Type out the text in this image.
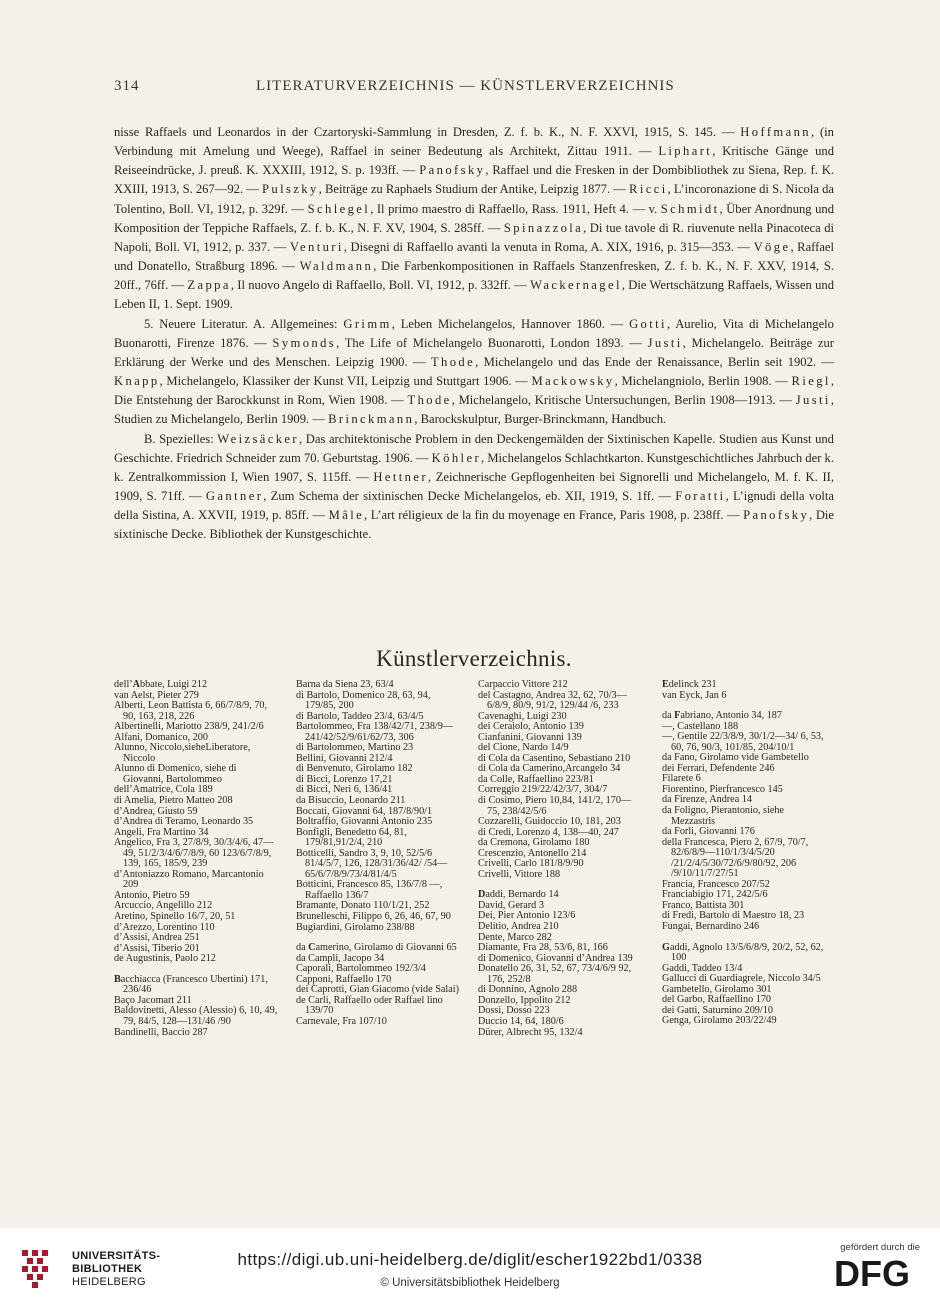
314	LITERATURVERZEICHNIS — KÜNSTLERVERZEICHNIS

nisse Raffaels und Leonardos in der Czartoryski-Sammlung in Dresden, Z. f. b. K., N. F. XXVI, 1915, S. 145. — Hoffmann, (in Verbindung mit Amelung und Weege), Raffael in seiner Bedeutung als Architekt, Zittau 1911. — Liphart, Kritische Gänge und Reiseeindrücke, J. preuß. K. XXXIII, 1912, S. p. 193ff. — Panofsky, Raffael und die Fresken in der Dombibliothek zu Siena, Rep. f. K. XXIII, 1913, S. 267—92. — Pulszky, Beiträge zu Raphaels Studium der Antike, Leipzig 1877. — Ricci, L’incoronazione di S. Nicola da Tolentino, Boll. VI, 1912, p. 329f. — Schlegel, Il primo maestro di Raffaello, Rass. 1911, Heft 4. — v. Schmidt, Über Anordnung und Komposition der Teppiche Raffaels, Z. f. b. K., N. F. XV, 1904, S. 285ff. — Spinazzola, Di tue tavole di R. riuvenute nella Pinacoteca di Napoli, Boll. VI, 1912, p. 337. — Venturi, Disegni di Raffaello avanti la venuta in Roma, A. XIX, 1916, p. 315—353. — Vöge, Raffael und Donatello, Straßburg 1896. — Waldmann, Die Farbenkompositionen in Raffaels Stanzenfresken, Z. f. b. K., N. F. XXV, 1914, S. 20ff., 76ff. — Zappa, Il nuovo Angelo di Raffaello, Boll. VI, 1912, p. 332ff. — Wackernagel, Die Wertschätzung Raffaels, Wissen und Leben II, 1. Sept. 1909.

5. Neuere Literatur. A. Allgemeines: Grimm, Leben Michelangelos, Hannover 1860. — Gotti, Aurelio, Vita di Michelangelo Buonarotti, Firenze 1876. — Symonds, The Life of Michelangelo Buonarotti, London 1893. — Justi, Michelangelo. Beiträge zur Erklärung der Werke und des Menschen. Leipzig 1900. — Thode, Michelangelo und das Ende der Renaissance, Berlin seit 1902. — Knapp, Michelangelo, Klassiker der Kunst VII, Leipzig und Stuttgart 1906. — Mackowsky, Michelangniolo, Berlin 1908. — Riegl, Die Entstehung der Barockkunst in Rom, Wien 1908. — Thode, Michelangelo, Kritische Untersuchungen, Berlin 1908—1913. — Justi, Studien zu Michelangelo, Berlin 1909. — Brinckmann, Barockskulptur, Burger-Brinckmann, Handbuch.

B. Spezielles: Weizsäcker, Das architektonische Problem in den Deckengemälden der Sixtinischen Kapelle. Studien aus Kunst und Geschichte. Friedrich Schneider zum 70. Geburtstag. 1906. — Köhler, Michelangelos Schlachtkarton. Kunstgeschichtliches Jahrbuch der k. k. Zentralkommission I, Wien 1907, S. 115ff. — Hettner, Zeichnerische Gepflogenheiten bei Signorelli und Michelangelo, M. f. K. II, 1909, S. 71ff. — Gantner, Zum Schema der sixtinischen Decke Michelangelos, eb. XII, 1919, S. 1ff. — Foratti, L’ignudi della volta della Sistina, A. XXVII, 1919, p. 85ff. — Mâle, L’art réligieux de la fin du moyenage en France, Paris 1908, p. 238ff. — Panofsky, Die sixtinische Decke. Bibliothek der Kunstgeschichte.

Künstlerverzeichnis.
dell’Abbate, Luigi 212
van Aelst, Pieter 279
Alberti, Leon Battista 6, 66/7/8/9, 70, 90, 163, 218, 226
Albertinelli, Mariotto 238/9, 241/2/6
Alfani, Domanico, 200
Alunno, Niccolo,sieheLiberatore, Niccolo
Alunno di Domenico, siehe di Giovanni, Bartolommeo
dell’Amatrice, Cola 189
di Amelia, Pietro Matteo 208
d’Andrea, Giusto 59
d’Andrea di Teramo, Leonardo 35
Angeli, Fra Martino 34
Angelico, Fra 3, 27/8/9, 30/3/4/6, 47—49, 51/2/3/4/6/7/8/9, 60 123/6/7/8/9, 139, 165, 185/9, 239
d’Antoniazzo Romano, Marcantonio 209
Antonio, Pietro 59
Arcuccio, Angelillo 212
Aretino, Spinello 16/7, 20, 51
d’Arezzo, Lorentino 110
d’Assisi, Andrea 251
d’Assisi, Tiberio 201
de Augustinis, Paolo 212
Bacchiacca (Francesco Ubertini) 171, 236/46
Baço Jacomart 211
Baldovinetti, Alesso (Alessio) 6, 10, 49, 79, 84/5, 128—131/46 /90
Bandinelli, Baccio 287
Barna da Siena 23, 63/4
di Bartolo, Domenico 28, 63, 94, 179/85, 200
di Bartolo, Taddeo 23/4, 63/4/5
Bartolommeo, Fra 138/42/71, 238/9—241/42/52/9/61/62/73, 306
di Bartolommeo, Martino 23
Bellini, Giovanni 212/4
di Benvenuto, Girolamo 182
di Bicci, Lorenzo 17,21
di Bicci, Neri 6, 136/41
da Bisuccio, Leonardo 211
Boccati, Giovanni 64, 187/8/90/1
Boltraffio, Giovanni Antonio 235
Bonfigli, Benedetto 64, 81, 179/81,91/2/4, 210
Botticelli, Sandro 3, 9, 10, 52/5/6 81/4/5/7, 126, 128/31/36/42/ /54—65/6/7/8/9/73/4/81/4/5
Botticini, Francesco 85, 136/7/8 —, Raffaello 136/7
Bramante, Donato 110/1/21, 252
Brunelleschi, Filippo 6, 26, 46, 67, 90
Bugiardini, Girolamo 238/88
da Camerino, Girolamo di Giovanni 65
da Campli, Jacopo 34
Caporali, Bartolommeo 192/3/4
Capponi, Raffaello 170
dei Caprotti, Gian Giacomo (vide Salai)
de Carli, Raffaello oder Raffael lino 139/70
Carnevale, Fra 107/10
Carpaccio Vittore 212
del Castagno, Andrea 32, 62, 70/3—6/8/9, 80/9, 91/2, 129/44 /6, 233
Cavenaghi, Luigi 230
dei Ceraiolo, Antonio 139
Cianfanini, Giovanni 139
del Cione, Nardo 14/9
di Cola da Casentino, Sebastiano 210
di Cola da Camerino,Arcangelo 34
da Colle, Raffaellino 223/81
Correggio 219/22/42/3/7, 304/7
di Cosimo, Piero 10,84, 141/2, 170—75, 238/42/5/6
Cozzarelli, Guidoccio 10, 181, 203
di Credi, Lorenzo 4, 138—40, 247
da Cremona, Girolamo 180
Crescenzio, Antonello 214
Crivelli, Carlo 181/8/9/90
Crivelli, Vittore 188
Daddi, Bernardo 14
David, Gerard 3
Dei, Pier Antonio 123/6
Delitio, Andrea 210
Dente, Marco 282
Diamante, Fra 28, 53/6, 81, 166
di Domenico, Giovanni d’Andrea 139
Donatello 26, 31, 52, 67, 73/4/6/9 92, 176, 252/8
di Donnino, Agnolo 288
Donzello, Ippolito 212
Dossi, Dosso 223
Duccio 14, 64, 180/6
Dürer, Albrecht 95, 132/4
Edelinck 231
van Eyck, Jan 6
da Fabriano, Antonio 34, 187
—, Castellano 188
—, Gentile 22/3/8/9, 30/1/2—34/ 6, 53, 60, 76, 90/3, 101/85, 204/10/1
da Fano, Girolamo vide Gambetello
dei Ferrari, Defendente 246
Filarete 6
Fiorentino, Pierfrancesco 145
da Firenze, Andrea 14
da Foligno, Pierantonio, siehe Mezzastris
da Forli, Giovanni 176
della Francesca, Piero 2, 67/9, 70/7, 82/6/8/9—110/1/3/4/5/20 /21/2/4/5/30/72/6/9/80/92, 206 /9/10/11/7/27/51
Francia, Francesco 207/52
Franciabigio 171, 242/5/6
Franco, Battista 301
di Fredi, Bartolo di Maestro 18, 23
Fungai, Bernardino 246
Gaddi, Agnolo 13/5/6/8/9, 20/2, 52, 62, 100
Gaddi, Taddeo 13/4
Gallucci di Guardiagrele, Niccolo 34/5
Gambetello, Girolamo 301
del Garbo, Raffaellino 170
dei Gatti, Saturnino 209/10
Genga, Girolamo 203/22/49
UNIVERSITÄTS-
BIBLIOTHEK
HEIDELBERG
https://digi.ub.uni-heidelberg.de/diglit/escher1922bd1/0338
© Universitätsbibliothek Heidelberg
gefördert durch die
DFG
